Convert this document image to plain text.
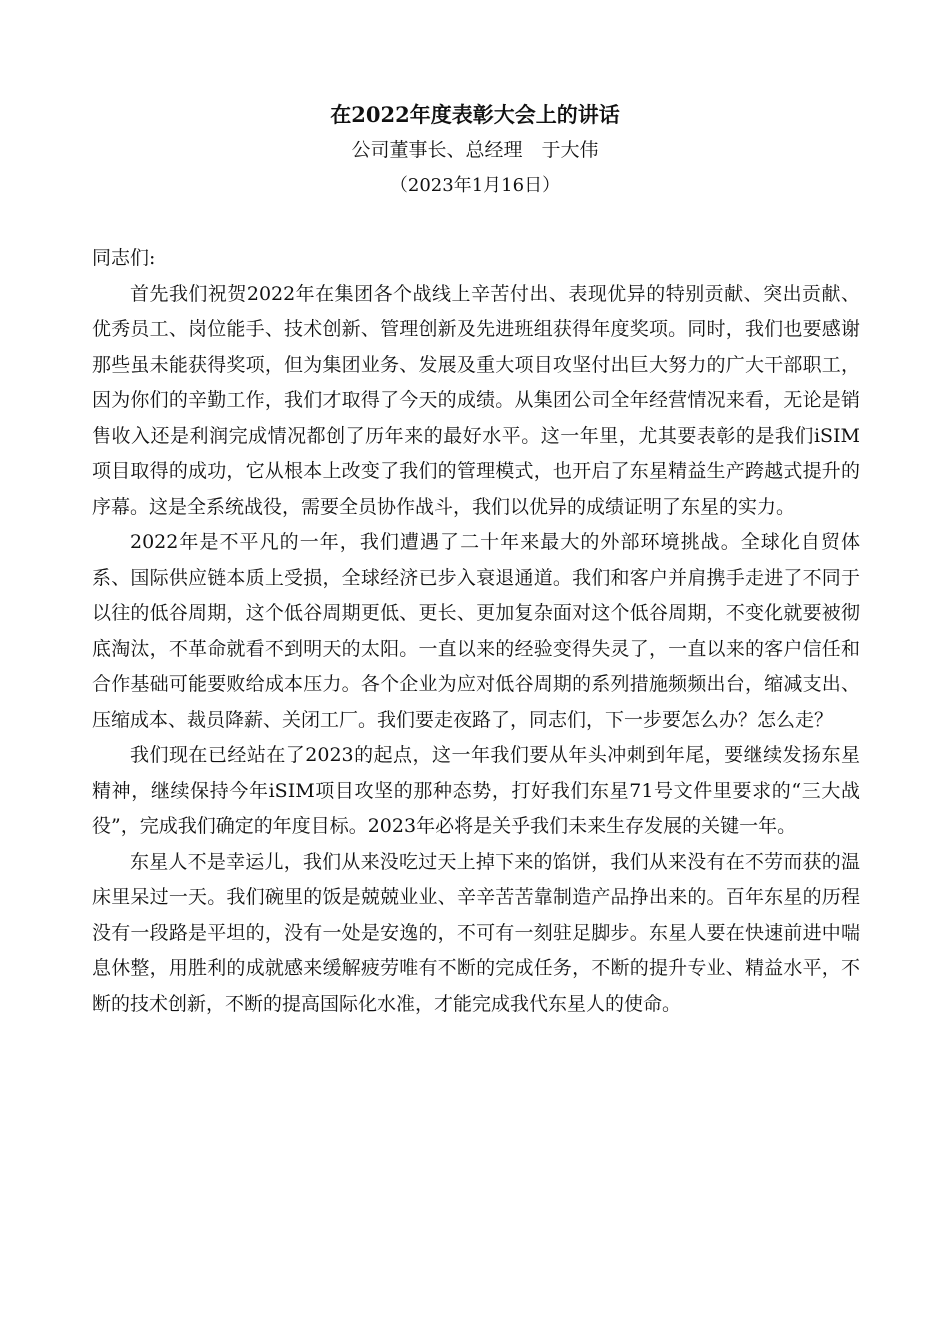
在2022年度表彰大会上的讲话
公司董事长、总经理　于大伟
（2023年1月16日）

同志们:

首先我们祝贺2022年在集团各个战线上辛苦付出、表现优异的特别贡献、突出贡献、优秀员工、岗位能手、技术创新、管理创新及先进班组获得年度奖项。同时，我们也要感谢那些虽未能获得奖项，但为集团业务、发展及重大项目攻坚付出巨大努力的广大干部职工，因为你们的辛勤工作，我们才取得了今天的成绩。从集团公司全年经营情况来看，无论是销售收入还是利润完成情况都创了历年来的最好水平。这一年里，尤其要表彰的是我们iSIM项目取得的成功，它从根本上改变了我们的管理模式，也开启了东星精益生产跨越式提升的序幕。这是全系统战役，需要全员协作战斗，我们以优异的成绩证明了东星的实力。

2022年是不平凡的一年，我们遭遇了二十年来最大的外部环境挑战。全球化自贸体系、国际供应链本质上受损，全球经济已步入衰退通道。我们和客户并肩携手走进了不同于以往的低谷周期，这个低谷周期更低、更长、更加复杂面对这个低谷周期，不变化就要被彻底淘汰，不革命就看不到明天的太阳。一直以来的经验变得失灵了，一直以来的客户信任和合作基础可能要败给成本压力。各个企业为应对低谷周期的系列措施频频出台，缩减支出、压缩成本、裁员降薪、关闭工厂。我们要走夜路了，同志们，下一步要怎么办？怎么走？

我们现在已经站在了2023的起点，这一年我们要从年头冲刺到年尾，要继续发扬东星精神，继续保持今年iSIM项目攻坚的那种态势，打好我们东星71号文件里要求的“三大战役”，完成我们确定的年度目标。2023年必将是关乎我们未来生存发展的关键一年。

东星人不是幸运儿，我们从来没吃过天上掉下来的馅饼，我们从来没有在不劳而获的温床里呆过一天。我们碗里的饭是兢兢业业、辛辛苦苦靠制造产品挣出来的。百年东星的历程没有一段路是平坦的，没有一处是安逸的，不可有一刻驻足脚步。东星人要在快速前进中喘息休整，用胜利的成就感来缓解疲劳唯有不断的完成任务，不断的提升专业、精益水平，不断的技术创新，不断的提高国际化水准，才能完成我代东星人的使命。
